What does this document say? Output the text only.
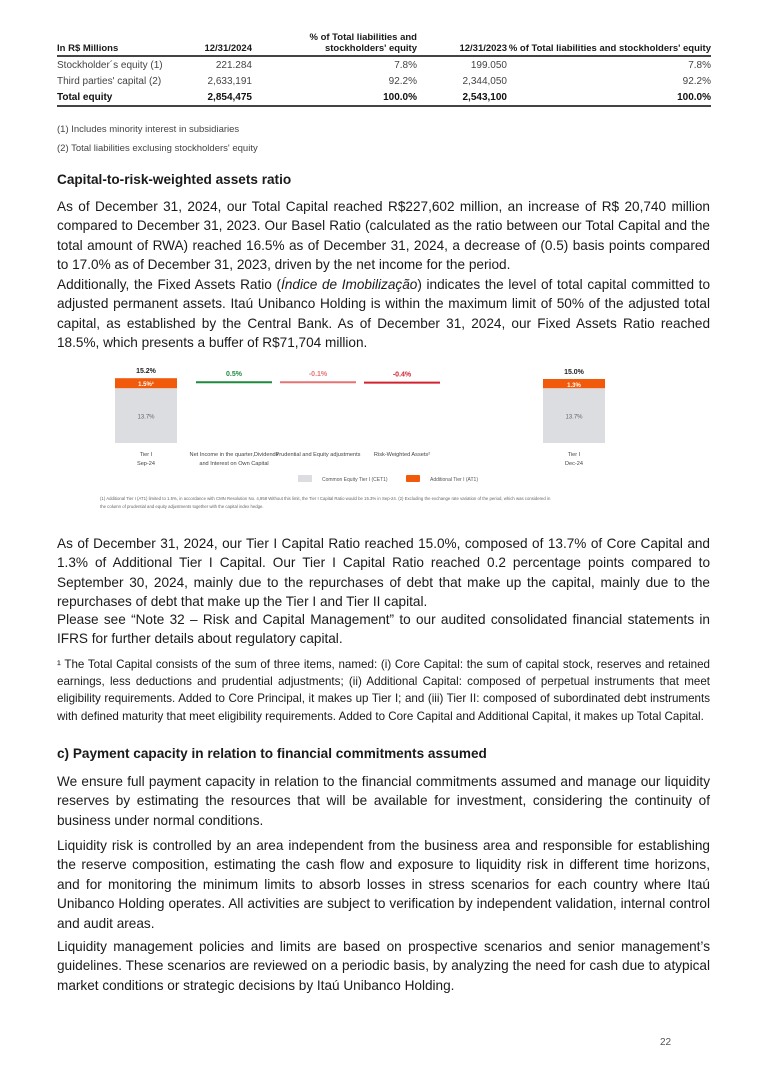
In R$ Millions	12/31/2024	% of Total liabilities and stockholders' equity	12/31/2023	% of Total liabilities and stockholders' equity
Stockholder´s equity (1)	221.284	7.8%	199.050	7.8%
Third parties' capital (2)	2,633,191	92.2%	2,344,050	92.2%
Total equity	2,854,475	100.0%	2,543,100	100.0%
(1) Includes minority interest in subsidiaries
(2) Total liabilities exclusing stockholders' equity

Capital-to-risk-weighted assets ratio

As of December 31, 2024, our Total Capital reached R$227,602 million, an increase of R$ 20,740 million compared to December 31, 2023. Our Basel Ratio (calculated as the ratio between our Total Capital and the total amount of RWA) reached 16.5% as of December 31, 2024, a decrease of (0.5) basis points compared to 17.0% as of December 31, 2023, driven by the net income for the period.

Additionally, the Fixed Assets Ratio (Índice de Imobilização) indicates the level of total capital committed to adjusted permanent assets. Itaú Unibanco Holding is within the maximum limit of 50% of the adjusted total capital, as established by the Central Bank. As of December 31, 2024, our Fixed Assets Ratio reached 18.5%, which presents a buffer of R$71,704 million.

13.7%
1.5%¹
15.2%
13.7%
1.3%
15.0%
0.5%	-0.1%	-0.4%
Tier I
Sep-24
Net Income in the quarter,Dividends
and Interest on Own Capital
Prudential and Equity adjustments Risk-Weighted Assets²	Tier I
Dec-24
Common Equity Tier I (CET1)	Additional Tier I (AT1)
(1) Additional Tier I (AT1) limited to 1.5%, in accordance with CMN Resolution No. 4,958 Without this limit, the Tier I Capital Ratio would be 15.3% in Sep-24. (2) Excluding the exchange rate variation of the period, which was considered in
the column of prudential and equity adjustments together with the capital index hedge.

As of December 31, 2024, our Tier I Capital Ratio reached 15.0%, composed of 13.7% of Core Capital and 1.3% of Additional Tier I Capital. Our Tier I Capital Ratio reached 0.2 percentage points compared to September 30, 2024, mainly due to the repurchases of debt that make up the capital, mainly due to the repurchases of debt that make up the Tier I and Tier II capital.

Please see “Note 32 – Risk and Capital Management” to our audited consolidated financial statements in IFRS for further details about regulatory capital.

¹ The Total Capital consists of the sum of three items, named: (i) Core Capital: the sum of capital stock, reserves and retained earnings, less deductions and prudential adjustments; (ii) Additional Capital: composed of perpetual instruments that meet eligibility requirements. Added to Core Principal, it makes up Tier I; and (iii) Tier II: composed of subordinated debt instruments with defined maturity that meet eligibility requirements. Added to Core Capital and Additional Capital, it makes up Total Capital.

c) Payment capacity in relation to financial commitments assumed

We ensure full payment capacity in relation to the financial commitments assumed and manage our liquidity reserves by estimating the resources that will be available for investment, considering the continuity of business under normal conditions.

Liquidity risk is controlled by an area independent from the business area and responsible for establishing the reserve composition, estimating the cash flow and exposure to liquidity risk in different time horizons, and for monitoring the minimum limits to absorb losses in stress scenarios for each country where Itaú Unibanco Holding operates. All activities are subject to verification by independent validation, internal control and audit areas.

Liquidity management policies and limits are based on prospective scenarios and senior management’s guidelines. These scenarios are reviewed on a periodic basis, by analyzing the need for cash due to atypical market conditions or strategic decisions by Itaú Unibanco Holding.

22
